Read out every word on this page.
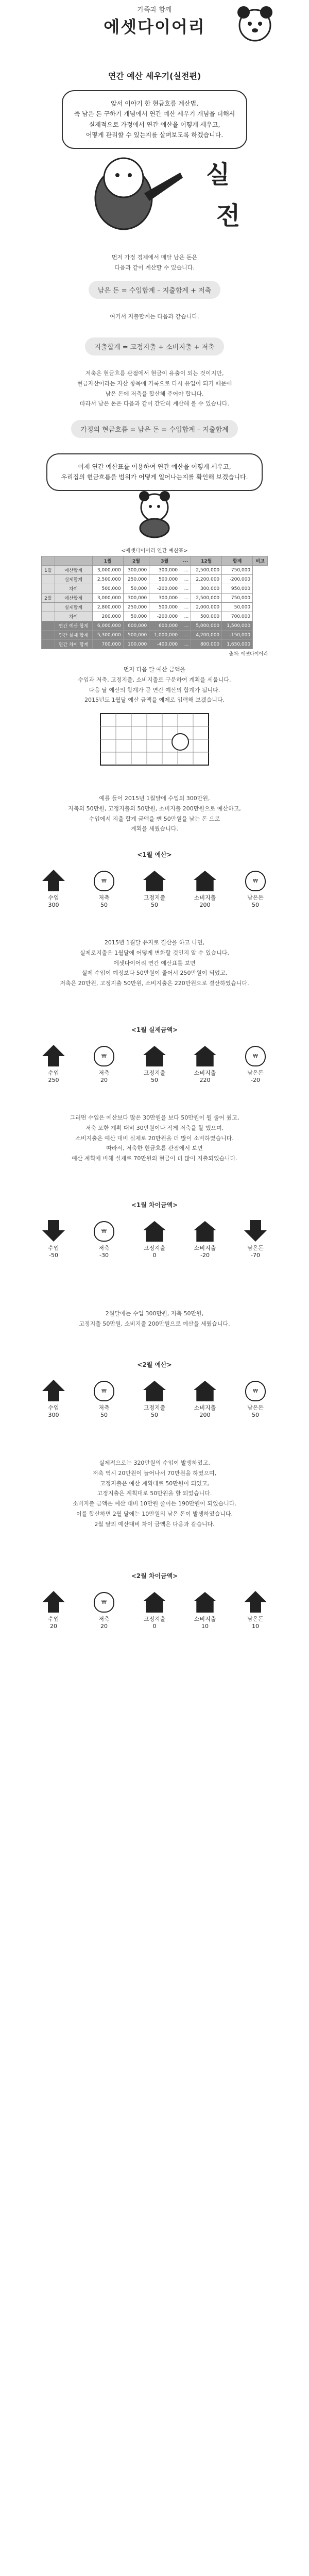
가족과 함께
에셋다이어리
연간 예산 세우기(실전편)
앞서 이야기 한 현금흐름 계산법,
즉 남은 돈 구하기 개념에서 연간 예산 세우기 개념을 더해서
실제적으로 가정에서 연간 예산을 어떻게 세우고,
어떻게 관리할 수 있는지를 살펴보도록 하겠습니다.
실
전
먼저 가정 경제에서 매달 남은 돈은
다음과 같이 계산할 수 있습니다.
남은 돈 = 수입합계 – 지출합계 + 저축
여기서 지출합계는 다음과 같습니다.
지출합계 = 고정지출 + 소비지출 + 저축
저축은 현금흐름 관점에서 현금이 유출이 되는 것이지만,
현금자산이라는 자산 항목에 기록으로 다시 유입이 되기 때문에
남은 돈에 저축을 합산해 주어야 합니다.
따라서 남은 돈은 다음과 같이 간단히 계산해 볼 수 있습니다.
가정의 현금흐름 = 남은 돈 = 수입합계 – 지출합계
이제 연간 예산표를 이용하여 연간 예산을 어떻게 세우고,
우리집의 현금흐름을 범위가 어떻게 일어나는지를 확인해 보겠습니다.
<에셋다이어리 연간 예산표>
		1월	2월	3월	...	12월	합계	비고
1월	예산합계	3,000,000	300,000	300,000	...	2,500,000	750,000	
	실제합계	2,500,000	250,000	500,000	...	2,200,000	-200,000	
	차이	500,000	50,000	-200,000	...	300,000	950,000	
2월	예산합계	3,000,000	300,000	300,000	...	2,500,000	750,000	
	실제합계	2,800,000	250,000	500,000	...	2,000,000	50,000	
	차이	200,000	50,000	-200,000	...	500,000	700,000	
	연간 예산 합계	6,000,000	600,000	600,000	...	5,000,000	1,500,000	
	연간 실제 합계	5,300,000	500,000	1,000,000	...	4,200,000	-150,000	
	연간 차이 합계	700,000	100,000	-400,000	...	800,000	1,650,000	
출처: 에셋다이어리
먼저 다음 달 예산 금액을
수입과 저축, 고정지출, 소비지출로 구분하여 계획을 세웁니다.
다음 달 예산의 합계가 곧 연간 예산의 합계가 됩니다.
2015년도 1월달 예산 금액을 예제로 입력해 보겠습니다.
예를 들어 2015년 1월달에 수입의 300만원,
저축의 50만원, 고정지출의 50만원, 소비지출 200만원으로 예산하고,
수입에서 지출 합계 금액을 뺀 50만원을 남는 돈 으로
계획을 세웠습니다.
<1월 예산>
수입
300
₩
저축
50
고정지출
50
소비지출
200
₩
남은돈
50
2015년 1월달 유지로 결산을 하고 나면,
실제로지출은 1월달에 어떻게 변화할 것인지 알 수 있습니다.
에셋다이어리 연간 예산표를 보면
실제 수입이 예정보다 50만원이 줄어서 250만원이 되었고,
저축은 20만원, 고정지출 50만원, 소비지출은 220만원으로 결산하였습니다.
<1월 실제금액>
수입
250
₩
저축
20
고정지출
50
소비지출
220
₩
남은돈
-20
그러면 수입은 예산보다 많은 30만원을 보다 50만원이 될 줄어 줬고,
저축 또한 계획 대비 30만원이나 적게 저축을 할 했으며,
소비지출은 예산 대비 실제로 20만원을 더 많이 소비하였습니다.
따라서, 저축한 현금흐름 관점에서 보면
예산 계획에 비해 실제로 70만원의 현금이 더 많이 지출되었습니다.
<1월 차이금액>
수입
-50
₩
저축
-30
고정지출
0
소비지출
-20
남은돈
-70
2월달에는 수입 300만원, 저축 50만원,
고정지출 50만원, 소비지출 200만원으로 예산을 세웠습니다.
<2월 예산>
수입
300
₩
저축
50
고정지출
50
소비지출
200
₩
남은돈
50
실제적으로는 320만원의 수입이 발생하였고,
저축 역시 20만원이 늘어나서 70만원을 하였으며,
고정지출은 예산 계획대로 50만원이 되었고,
고정지출은 계획대로 50만원을 할 되었습니다.
소비지출 금액은 예산 대비 10만원 줄어든 190만원이 되었습니다.
이를 합산하면 2월 달에는 10만원의 남은 돈이 발생하였습니다.
2월 달의 예산대비 차이 금액은 다음과 같습니다.
<2월 차이금액>
수입
20
₩
저축
20
고정지출
0
소비지출
10
남은돈
10
